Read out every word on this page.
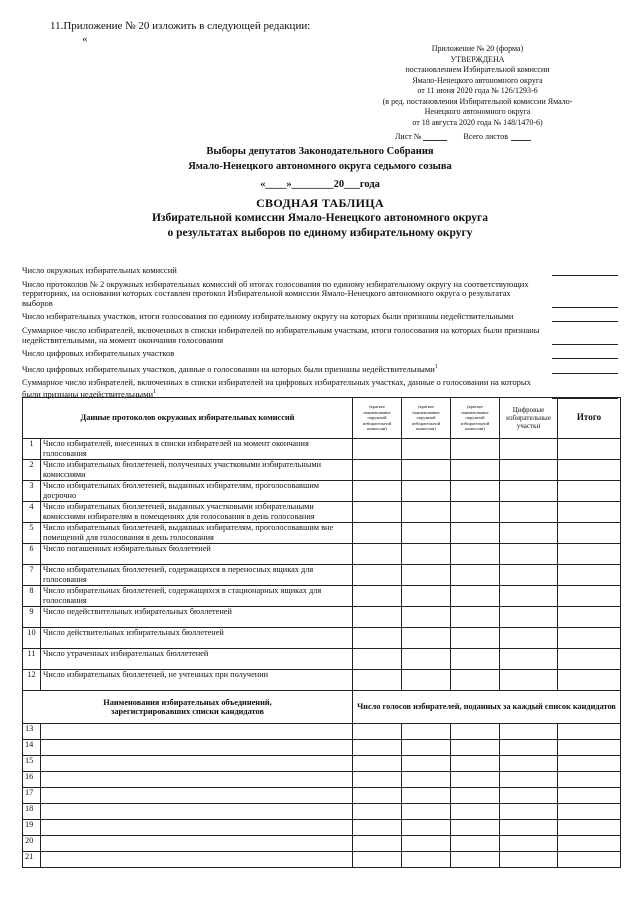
11.Приложение № 20 изложить в следующей редакции:
«
Приложение № 20 (форма)
УТВЕРЖДЕНА
постановлением Избирательной комиссии
Ямало-Ненецкого автономного округа
от 11 июня 2020 года № 126/1293-6
(в ред. постановления Избирательной комиссии Ямало-
Ненецкого автономного округа
от 18 августа 2020 года № 148/1470-6)
Лист №	Всего листов
Выборы депутатов Законодательного Собрания
Ямало-Ненецкого автономного округа седьмого созыва
«____»________20___года
СВОДНАЯ ТАБЛИЦА
Избирательной комиссии Ямало-Ненецкого автономного округа
о результатах выборов по единому избирательному округу
Число окружных избирательных комиссий
Число протоколов № 2 окружных избирательных комиссий об итогах голосования по единому избирательному округу на соответствующих территориях, на основании которых составлен протокол Избирательной комиссии Ямало-Ненецкого автономного округа о результатах выборов
Число избирательных участков, итоги голосования по единому избирательному округу на которых были признаны недействительными
Суммарное число избирателей, включенных в списки избирателей по избирательным участкам, итоги голосования на которых были признаны недействительными, на момент окончания голосования
Число цифровых избирательных участков
Число цифровых избирательных участков, данные о голосовании на которых были признаны недействительными$^1$
Суммарное число избирателей, включенных в списки избирателей на цифровых избирательных участках, данные о голосовании на которых были признаны недействительными$^1$
Данные протоколов окружных избирательных комиссий		(краткое наименование окружной избирательной комиссии)	(краткое наименование окружной избирательной комиссии)	(краткое наименование окружной избирательной комиссии)	Цифровые избирательные участки	Итого
1	Число избирателей, внесенных в списки избирателей на момент окончания голосования					
2	Число избирательных бюллетеней, полученных участковыми избирательными комиссиями					
3	Число избирательных бюллетеней, выданных избирателям, проголосовавшим досрочно					
4	Число избирательных бюллетеней, выданных участковыми избирательными комиссиями избирателям в помещениях для голосования в день голосования					
5	Число избирательных бюллетеней, выданных избирателям, проголосовавшим вне помещений для голосования в день голосования					
6	Число погашенных избирательных бюллетеней					
7	Число избирательных бюллетеней, содержащихся в переносных ящиках для голосования					
8	Число избирательных бюллетеней, содержащихся в стационарных ящиках для голосования					
9	Число недействительных избирательных бюллетеней					
10	Число действительных избирательных бюллетеней					
11	Число утраченных избирательных бюллетеней					
12	Число избирательных бюллетеней, не учтенных при получении					
Наименования избирательных объединений, зарегистрировавших списки кандидатов		Число голосов избирателей, поданных за каждый список кандидатов				
13						
14						
15						
16						
17						
18						
19						
20						
21						
